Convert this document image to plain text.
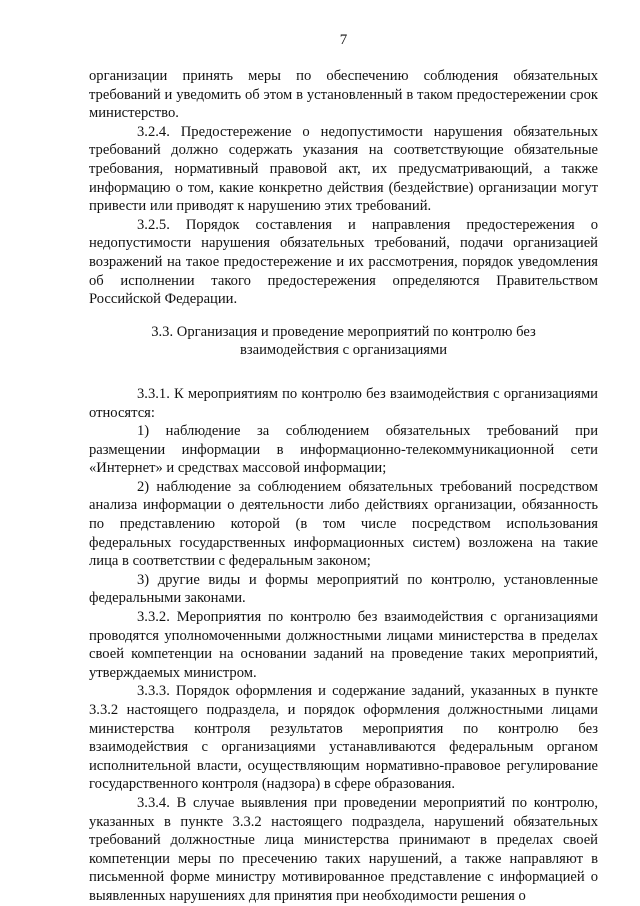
7

организации принять меры по обеспечению соблюдения обязательных требований и уведомить об этом в установленный в таком предостережении срок министерство.

3.2.4. Предостережение о недопустимости нарушения обязательных требований должно содержать указания на соответствующие обязательные требования, нормативный правовой акт, их предусматривающий, а также информацию о том, какие конкретно действия (бездействие) организации могут привести или приводят к нарушению этих требований.

3.2.5. Порядок составления и направления предостережения о недопустимости нарушения обязательных требований, подачи организацией возражений на такое предостережение и их рассмотрения, порядок уведомления об исполнении такого предостережения определяются Правительством Российской Федерации.

3.3. Организация и проведение мероприятий по контролю без
взаимодействия с организациями

3.3.1. К мероприятиям по контролю без взаимодействия с организациями относятся:

1) наблюдение за соблюдением обязательных требований при размещении информации в информационно-телекоммуникационной сети «Интернет» и средствах массовой информации;

2) наблюдение за соблюдением обязательных требований посредством анализа информации о деятельности либо действиях организации, обязанность по представлению которой (в том числе посредством использования федеральных государственных информационных систем) возложена на такие лица в соответствии с федеральным законом;

3) другие виды и формы мероприятий по контролю, установленные федеральными законами.

3.3.2. Мероприятия по контролю без взаимодействия с организациями проводятся уполномоченными должностными лицами министерства в пределах своей компетенции на основании заданий на проведение таких мероприятий, утверждаемых министром.

3.3.3. Порядок оформления и содержание заданий, указанных в пункте 3.3.2 настоящего подраздела, и порядок оформления должностными лицами министерства контроля результатов мероприятия по контролю без взаимодействия с организациями устанавливаются федеральным органом исполнительной власти, осуществляющим нормативно-правовое регулирование государственного контроля (надзора) в сфере образования.

3.3.4. В случае выявления при проведении мероприятий по контролю, указанных в пункте 3.3.2 настоящего подраздела, нарушений обязательных требований должностные лица министерства принимают в пределах своей компетенции меры по пресечению таких нарушений, а также направляют в письменной форме министру мотивированное представление с информацией о выявленных нарушениях для принятия при необходимости решения о
